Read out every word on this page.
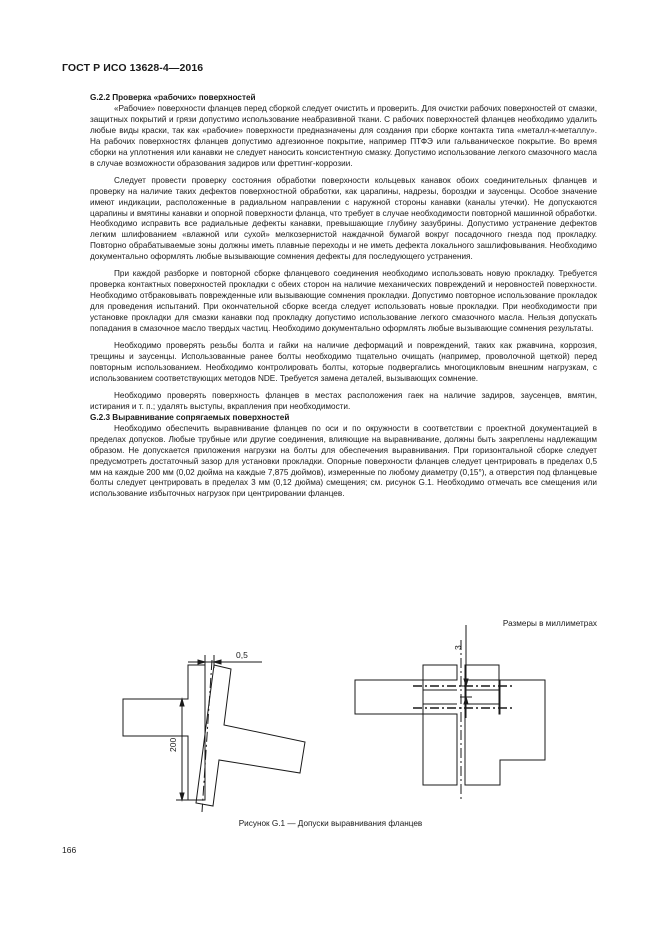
ГОСТ Р ИСО 13628-4—2016
G.2.2 Проверка «рабочих» поверхностей

«Рабочие» поверхности фланцев перед сборкой следует очистить и проверить. Для очистки рабочих поверхностей от смазки, защитных покрытий и грязи допустимо использование неабразивной ткани. С рабочих поверхностей фланцев необходимо удалить любые виды краски, так как «рабочие» поверхности предназначены для создания при сборке контакта типа «металл-к-металлу». На рабочих поверхностях фланцев допустимо адгезионное покрытие, например ПТФЭ или гальваническое покрытие. Во время сборки на уплотнения или канавки не следует наносить консистентную смазку. Допустимо использование легкого смазочного масла в случае возможности образования задиров или фреттинг-коррозии.

Следует провести проверку состояния обработки поверхности кольцевых канавок обоих соединительных фланцев и проверку на наличие таких дефектов поверхностной обработки, как царапины, надрезы, бороздки и заусенцы. Особое значение имеют индикации, расположенные в радиальном направлении с наружной стороны канавки (каналы утечки). Не допускаются царапины и вмятины канавки и опорной поверхности фланца, что требует в случае необходимости повторной машинной обработки. Необходимо исправить все радиальные дефекты канавки, превышающие глубину зазубрины. Допустимо устранение дефектов легким шлифованием «влажной или сухой» мелкозернистой наждачной бумагой вокруг посадочного гнезда под прокладку. Повторно обрабатываемые зоны должны иметь плавные переходы и не иметь дефекта локального зашлифовывания. Необходимо документально оформлять любые вызывающие сомнения дефекты для последующего устранения.

При каждой разборке и повторной сборке фланцевого соединения необходимо использовать новую прокладку. Требуется проверка контактных поверхностей прокладки с обеих сторон на наличие механических повреждений и неровностей поверхности. Необходимо отбраковывать поврежденные или вызывающие сомнения прокладки. Допустимо повторное использование прокладок для проведения испытаний. При окончательной сборке всегда следует использовать новые прокладки. При необходимости при установке прокладки для смазки канавки под прокладку допустимо использование легкого смазочного масла. Нельзя допускать попадания в смазочное масло твердых частиц. Необходимо документально оформлять любые вызывающие сомнения результаты.

Необходимо проверять резьбы болта и гайки на наличие деформаций и повреждений, таких как ржавчина, коррозия, трещины и заусенцы. Использованные ранее болты необходимо тщательно очищать (например, проволочной щеткой) перед повторным использованием. Необходимо контролировать болты, которые подвергались многоцикловым внешним нагрузкам, с использованием соответствующих методов NDE. Требуется замена деталей, вызывающих сомнение.

Необходимо проверять поверхность фланцев в местах расположения гаек на наличие задиров, заусенцев, вмятин, истирания и т. п.; удалять выступы, вкрапления при необходимости.

G.2.3 Выравнивание сопрягаемых поверхностей

Необходимо обеспечить выравнивание фланцев по оси и по окружности в соответствии с проектной документацией в пределах допусков. Любые трубные или другие соединения, влияющие на выравнивание, должны быть закреплены надлежащим образом. Не допускается приложения нагрузки на болты для обеспечения выравнивания. При горизонтальной сборке следует предусмотреть достаточный зазор для установки прокладки. Опорные поверхности фланцев следует центрировать в пределах 0,5 мм на каждые 200 мм (0,02 дюйма на каждые 7,875 дюймов), измеренные по любому диаметру (0,15°), а отверстия под фланцевые болты следует центрировать в пределах 3 мм (0,12 дюйма) смещения; см. рисунок G.1. Необходимо отмечать все смещения или использование избыточных нагрузок при центрировании фланцев.

Размеры в миллиметрах
0,5
200
3
Рисунок G.1 — Допуски выравнивания фланцев
166
